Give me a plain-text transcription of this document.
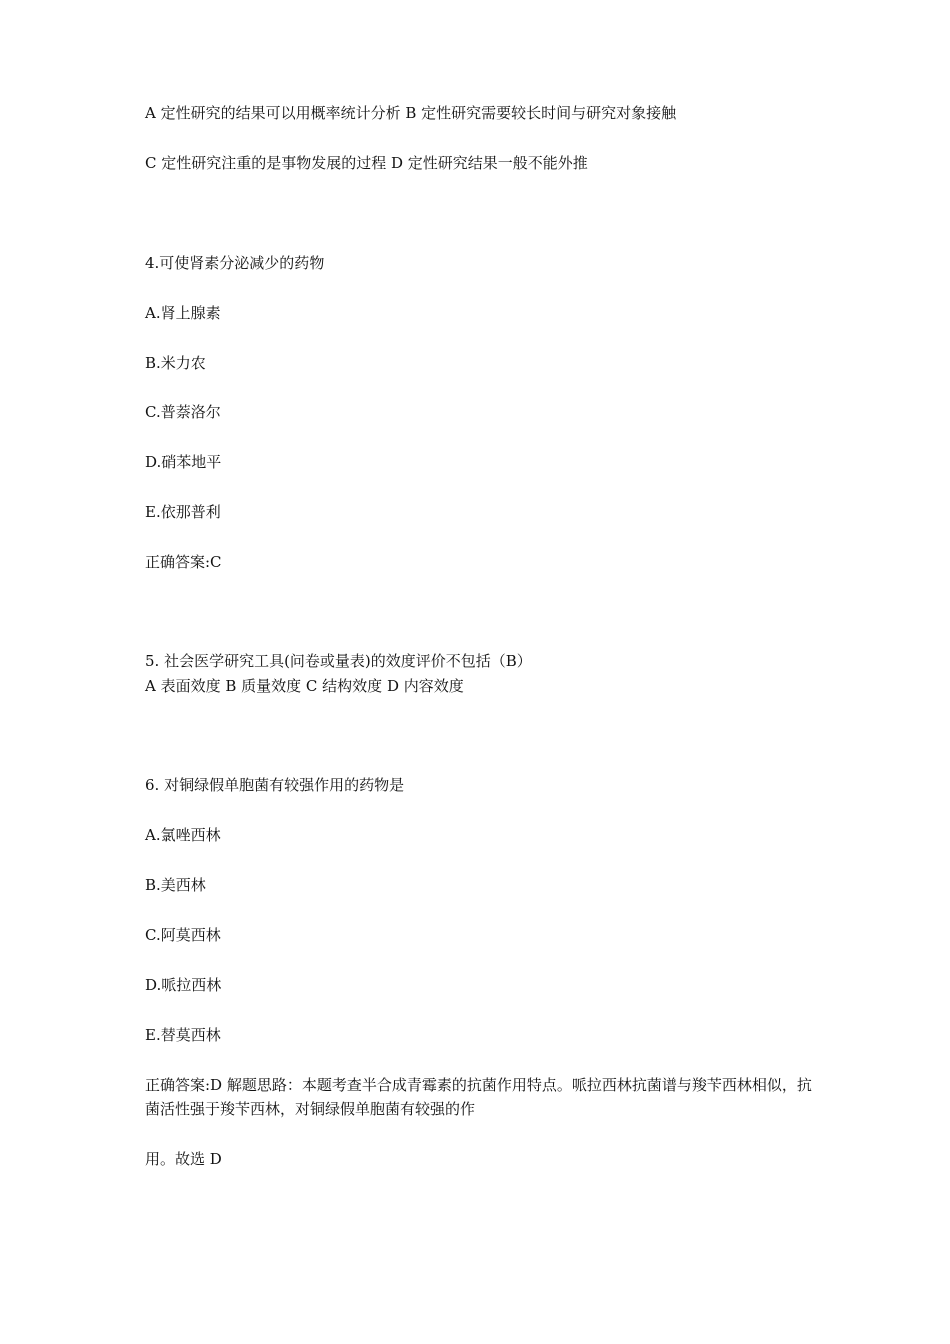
A 定性研究的结果可以用概率统计分析 B 定性研究需要较长时间与研究对象接触
C 定性研究注重的是事物发展的过程 D 定性研究结果一般不能外推
4.可使肾素分泌减少的药物
A.肾上腺素
B.米力农
C.普萘洛尔
D.硝苯地平
E.依那普利
正确答案:C
5. 社会医学研究工具(问卷或量表)的效度评价不包括（B）
A 表面效度 B 质量效度 C 结构效度 D 内容效度
6. 对铜绿假单胞菌有较强作用的药物是
A.氯唑西林
B.美西林
C.阿莫西林
D.哌拉西林
E.替莫西林
正确答案:D 解题思路：本题考查半合成青霉素的抗菌作用特点。哌拉西林抗菌谱与羧苄西林相似，抗菌活性强于羧苄西林，对铜绿假单胞菌有较强的作
用。故选 D
